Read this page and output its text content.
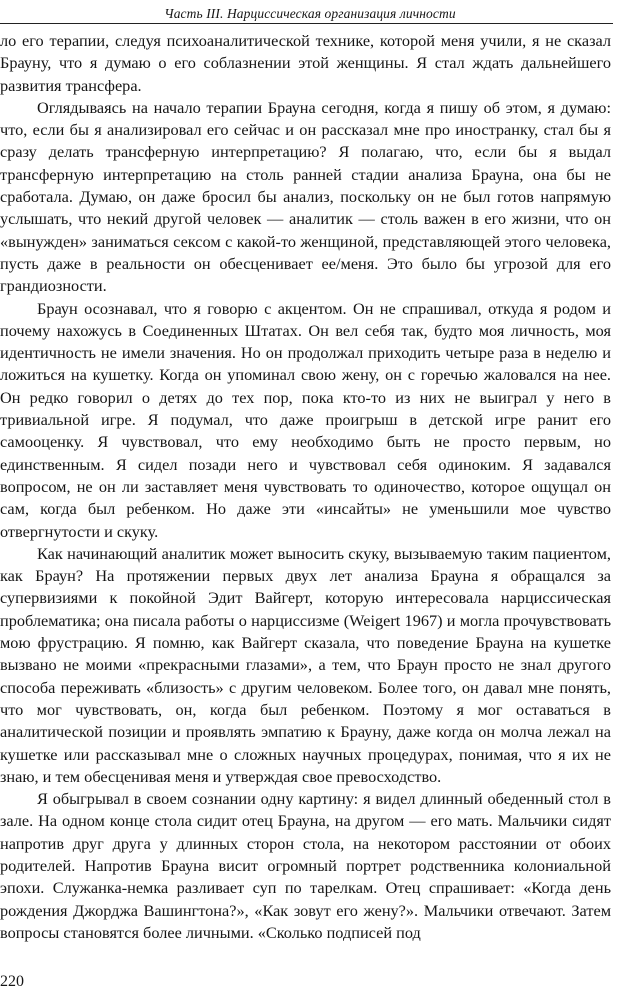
Часть III. Нарциссическая организация личности

ло его терапии, следуя психоаналитической технике, которой меня учили, я не сказал Брауну, что я думаю о его соблазнении этой женщины. Я стал ждать дальнейшего развития трансфера.

Оглядываясь на начало терапии Брауна сегодня, когда я пишу об этом, я думаю: что, если бы я анализировал его сейчас и он рассказал мне про иностранку, стал бы я сразу делать трансферную интерпретацию? Я полагаю, что, если бы я выдал трансферную интерпретацию на столь ранней стадии анализа Брауна, она бы не сработала. Думаю, он даже бросил бы анализ, поскольку он не был готов напрямую услышать, что некий другой человек — аналитик — столь важен в его жизни, что он «вынужден» заниматься сексом с какой-то женщиной, представляющей этого человека, пусть даже в реальности он обесценивает ее/меня. Это было бы угрозой для его грандиозности.

Браун осознавал, что я говорю с акцентом. Он не спрашивал, откуда я родом и почему нахожусь в Соединенных Штатах. Он вел себя так, будто моя личность, моя идентичность не имели значения. Но он продолжал приходить четыре раза в неделю и ложиться на кушетку. Когда он упоминал свою жену, он с горечью жаловался на нее. Он редко говорил о детях до тех пор, пока кто-то из них не выиграл у него в тривиальной игре. Я подумал, что даже проигрыш в детской игре ранит его самооценку. Я чувствовал, что ему необходимо быть не просто первым, но единственным. Я сидел позади него и чувствовал себя одиноким. Я задавался вопросом, не он ли заставляет меня чувствовать то одиночество, которое ощущал он сам, когда был ребенком. Но даже эти «инсайты» не уменьшили мое чувство отвергнутости и скуку.

Как начинающий аналитик может выносить скуку, вызываемую таким пациентом, как Браун? На протяжении первых двух лет анализа Брауна я обращался за супервизиями к покойной Эдит Вайгерт, которую интересовала нарциссическая проблематика; она писала работы о нарциссизме (Weigert 1967) и могла прочувствовать мою фрустрацию. Я помню, как Вайгерт сказала, что поведение Брауна на кушетке вызвано не моими «прекрасными глазами», а тем, что Браун просто не знал другого способа переживать «близость» с другим человеком. Более того, он давал мне понять, что мог чувствовать, он, когда был ребенком. Поэтому я мог оставаться в аналитической позиции и проявлять эмпатию к Брауну, даже когда он молча лежал на кушетке или рассказывал мне о сложных научных процедурах, понимая, что я их не знаю, и тем обесценивая меня и утверждая свое превосходство.

Я обыгрывал в своем сознании одну картину: я видел длинный обеденный стол в зале. На одном конце стола сидит отец Брауна, на другом — его мать. Мальчики сидят напротив друг друга у длинных сторон стола, на некотором расстоянии от обоих родителей. Напротив Брауна висит огромный портрет родственника колониальной эпохи. Служанка-немка разливает суп по тарелкам. Отец спрашивает: «Когда день рождения Джорджа Вашингтона?», «Как зовут его жену?». Мальчики отвечают. Затем вопросы становятся более личными. «Сколько подписей под

220
